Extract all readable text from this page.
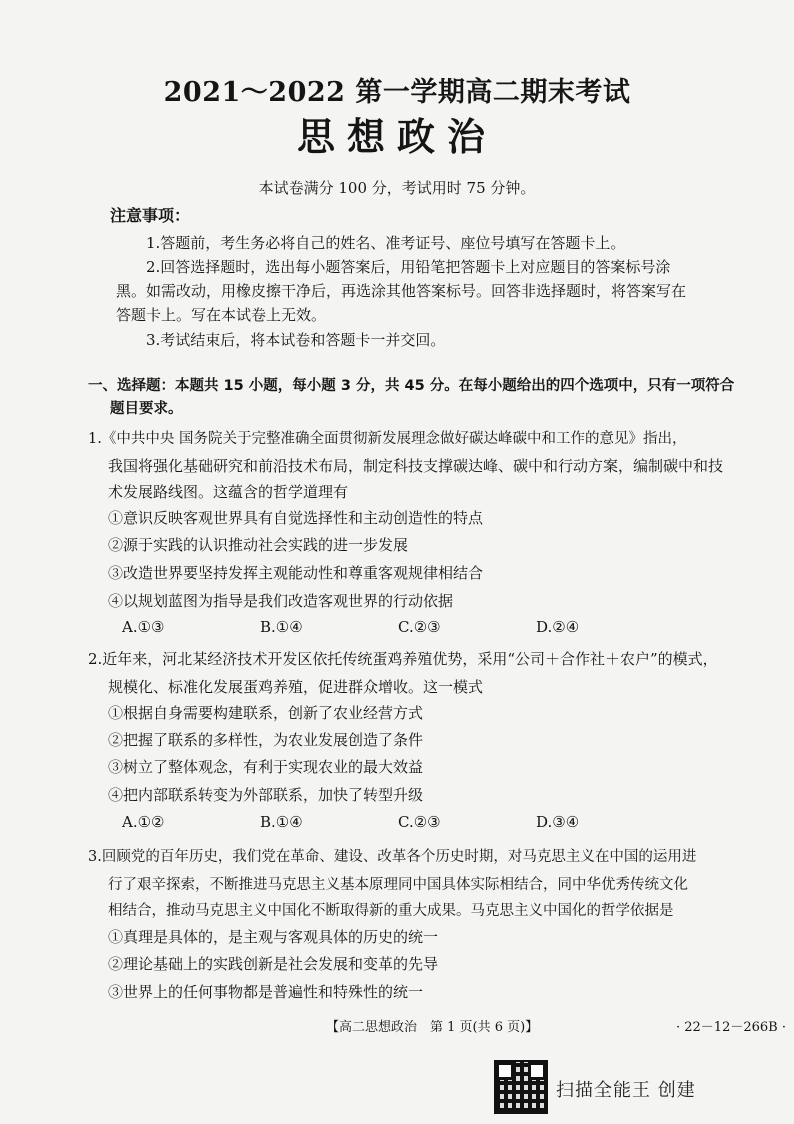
2021～2022 第一学期高二期末考试
思想政治
本试卷满分 100 分，考试用时 75 分钟。
注意事项：
1.答题前，考生务必将自己的姓名、准考证号、座位号填写在答题卡上。
2.回答选择题时，选出每小题答案后，用铅笔把答题卡上对应题目的答案标号涂
黑。如需改动，用橡皮擦干净后，再选涂其他答案标号。回答非选择题时，将答案写在
答题卡上。写在本试卷上无效。
3.考试结束后，将本试卷和答题卡一并交回。
一、选择题：本题共 15 小题，每小题 3 分，共 45 分。在每小题给出的四个选项中，只有一项符合
题目要求。
1.《中共中央 国务院关于完整准确全面贯彻新发展理念做好碳达峰碳中和工作的意见》指出，
我国将强化基础研究和前沿技术布局，制定科技支撑碳达峰、碳中和行动方案，编制碳中和技
术发展路线图。这蕴含的哲学道理有
①意识反映客观世界具有自觉选择性和主动创造性的特点
②源于实践的认识推动社会实践的进一步发展
③改造世界要坚持发挥主观能动性和尊重客观规律相结合
④以规划蓝图为指导是我们改造客观世界的行动依据
A.①③	B.①④	C.②③	D.②④
2.近年来，河北某经济技术开发区依托传统蛋鸡养殖优势，采用“公司＋合作社＋农户”的模式，
规模化、标准化发展蛋鸡养殖，促进群众增收。这一模式
①根据自身需要构建联系，创新了农业经营方式
②把握了联系的多样性，为农业发展创造了条件
③树立了整体观念，有利于实现农业的最大效益
④把内部联系转变为外部联系，加快了转型升级
A.①②	B.①④	C.②③	D.③④
3.回顾党的百年历史，我们党在革命、建设、改革各个历史时期，对马克思主义在中国的运用进
行了艰辛探索，不断推进马克思主义基本原理同中国具体实际相结合，同中华优秀传统文化
相结合，推动马克思主义中国化不断取得新的重大成果。马克思主义中国化的哲学依据是
①真理是具体的，是主观与客观具体的历史的统一
②理论基础上的实践创新是社会发展和变革的先导
③世界上的任何事物都是普遍性和特殊性的统一
【高二思想政治　第 1 页(共 6 页)】	· 22－12－266B ·
扫描全能王 创建
